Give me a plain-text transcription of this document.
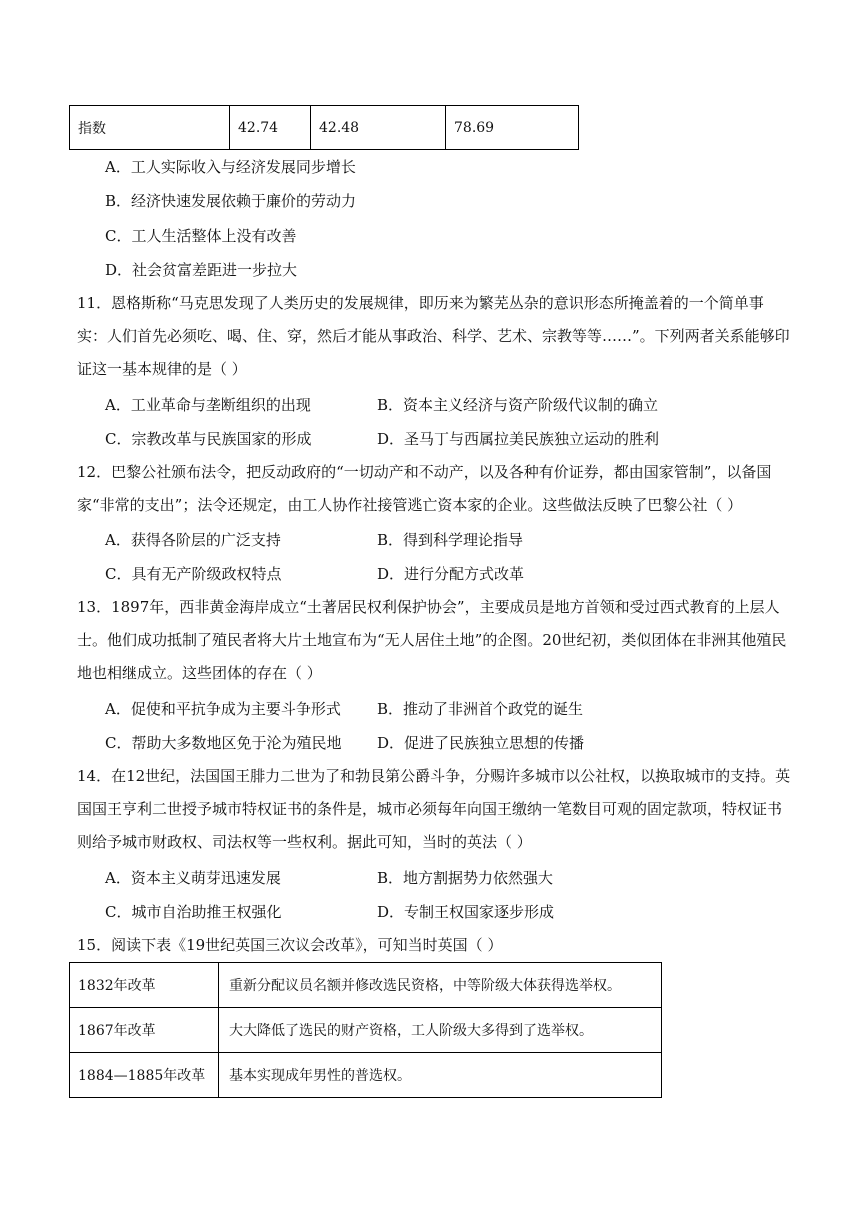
指数	42.74	42.48	78.69
A．工人实际收入与经济发展同步增长
B．经济快速发展依赖于廉价的劳动力
C．工人生活整体上没有改善
D．社会贫富差距进一步拉大
11．恩格斯称“马克思发现了人类历史的发展规律，即历来为繁芜丛杂的意识形态所掩盖着的一个简单事实：人们首先必须吃、喝、住、穿，然后才能从事政治、科学、艺术、宗教等等……”。下列两者关系能够印证这一基本规律的是（ ）
A．工业革命与垄断组织的出现	B．资本主义经济与资产阶级代议制的确立
C．宗教改革与民族国家的形成	D．圣马丁与西属拉美民族独立运动的胜利
12．巴黎公社颁布法令，把反动政府的“一切动产和不动产，以及各种有价证券，都由国家管制”，以备国家“非常的支出”；法令还规定，由工人协作社接管逃亡资本家的企业。这些做法反映了巴黎公社（ ）
A．获得各阶层的广泛支持	B．得到科学理论指导
C．具有无产阶级政权特点	D．进行分配方式改革
13．1897年，西非黄金海岸成立“土著居民权利保护协会”，主要成员是地方首领和受过西式教育的上层人士。他们成功抵制了殖民者将大片土地宣布为“无人居住土地”的企图。20世纪初，类似团体在非洲其他殖民地也相继成立。这些团体的存在（ ）
A．促使和平抗争成为主要斗争形式 B．推动了非洲首个政党的诞生
C．帮助大多数地区免于沦为殖民地 D．促进了民族独立思想的传播
14．在12世纪，法国国王腓力二世为了和勃艮第公爵斗争，分赐许多城市以公社权，以换取城市的支持。英国国王亨利二世授予城市特权证书的条件是，城市必须每年向国王缴纳一笔数目可观的固定款项，特权证书则给予城市财政权、司法权等一些权利。据此可知，当时的英法（ ）
A．资本主义萌芽迅速发展	B．地方割据势力依然强大
C．城市自治助推王权强化	D．专制王权国家逐步形成
15．阅读下表《19世纪英国三次议会改革》，可知当时英国（ ）
1832年改革	重新分配议员名额并修改选民资格，中等阶级大体获得选举权。
1867年改革	大大降低了选民的财产资格，工人阶级大多得到了选举权。
1884—1885年改革	基本实现成年男性的普选权。
